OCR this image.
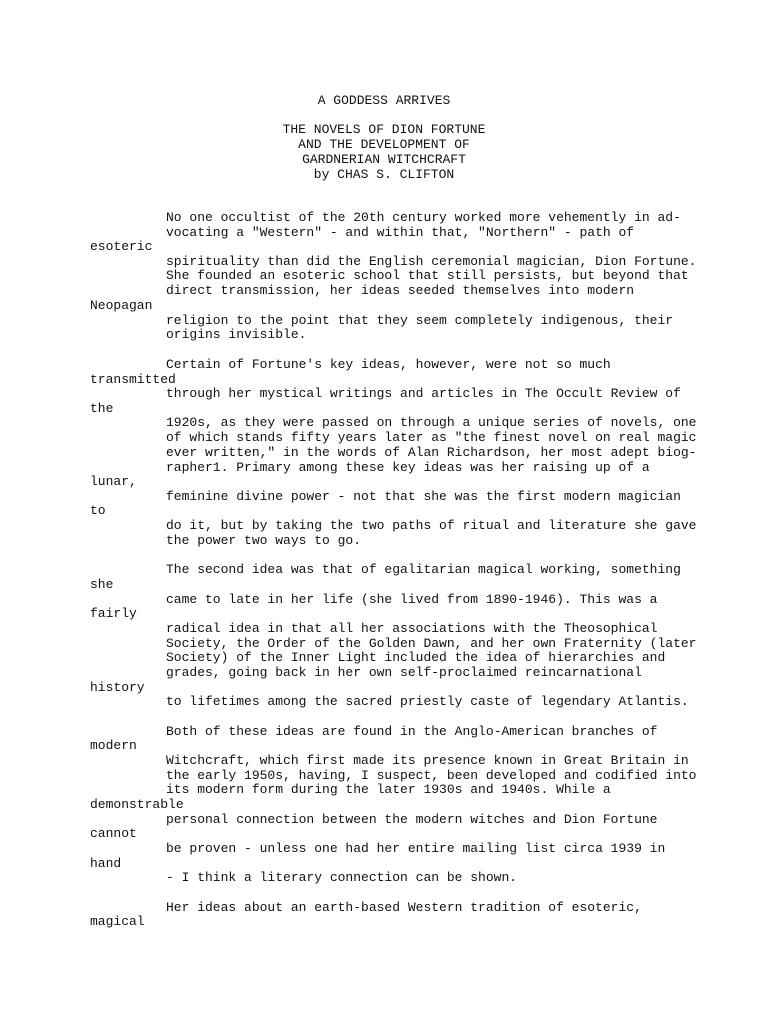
A GODDESS ARRIVES
THE NOVELS OF DION FORTUNE
AND THE DEVELOPMENT OF
GARDNERIAN WITCHCRAFT
by CHAS S. CLIFTON
No one occultist of the 20th century worked more vehemently in ad-
vocating a "Western" - and within that, "Northern" - path of
esoteric
spirituality than did the English ceremonial magician, Dion Fortune.
She founded an esoteric school that still persists, but beyond that
direct transmission, her ideas seeded themselves into modern
Neopagan
religion to the point that they seem completely indigenous, their
origins invisible.
Certain of Fortune's key ideas, however, were not so much
transmitted
through her mystical writings and articles in The Occult Review of
the
1920s, as they were passed on through a unique series of novels, one
of which stands fifty years later as "the finest novel on real magic
ever written," in the words of Alan Richardson, her most adept biog-
rapher1. Primary among these key ideas was her raising up of a
lunar,
feminine divine power - not that she was the first modern magician
to
do it, but by taking the two paths of ritual and literature she gave
the power two ways to go.
The second idea was that of egalitarian magical working, something
she
came to late in her life (she lived from 1890-1946). This was a
fairly
radical idea in that all her associations with the Theosophical
Society, the Order of the Golden Dawn, and her own Fraternity (later
Society) of the Inner Light included the idea of hierarchies and
grades, going back in her own self-proclaimed reincarnational
history
to lifetimes among the sacred priestly caste of legendary Atlantis.
Both of these ideas are found in the Anglo-American branches of
modern
Witchcraft, which first made its presence known in Great Britain in
the early 1950s, having, I suspect, been developed and codified into
its modern form during the later 1930s and 1940s. While a
demonstrable
personal connection between the modern witches and Dion Fortune
cannot
be proven - unless one had her entire mailing list circa 1939 in
hand
- I think a literary connection can be shown.
Her ideas about an earth-based Western tradition of esoteric,
magical
